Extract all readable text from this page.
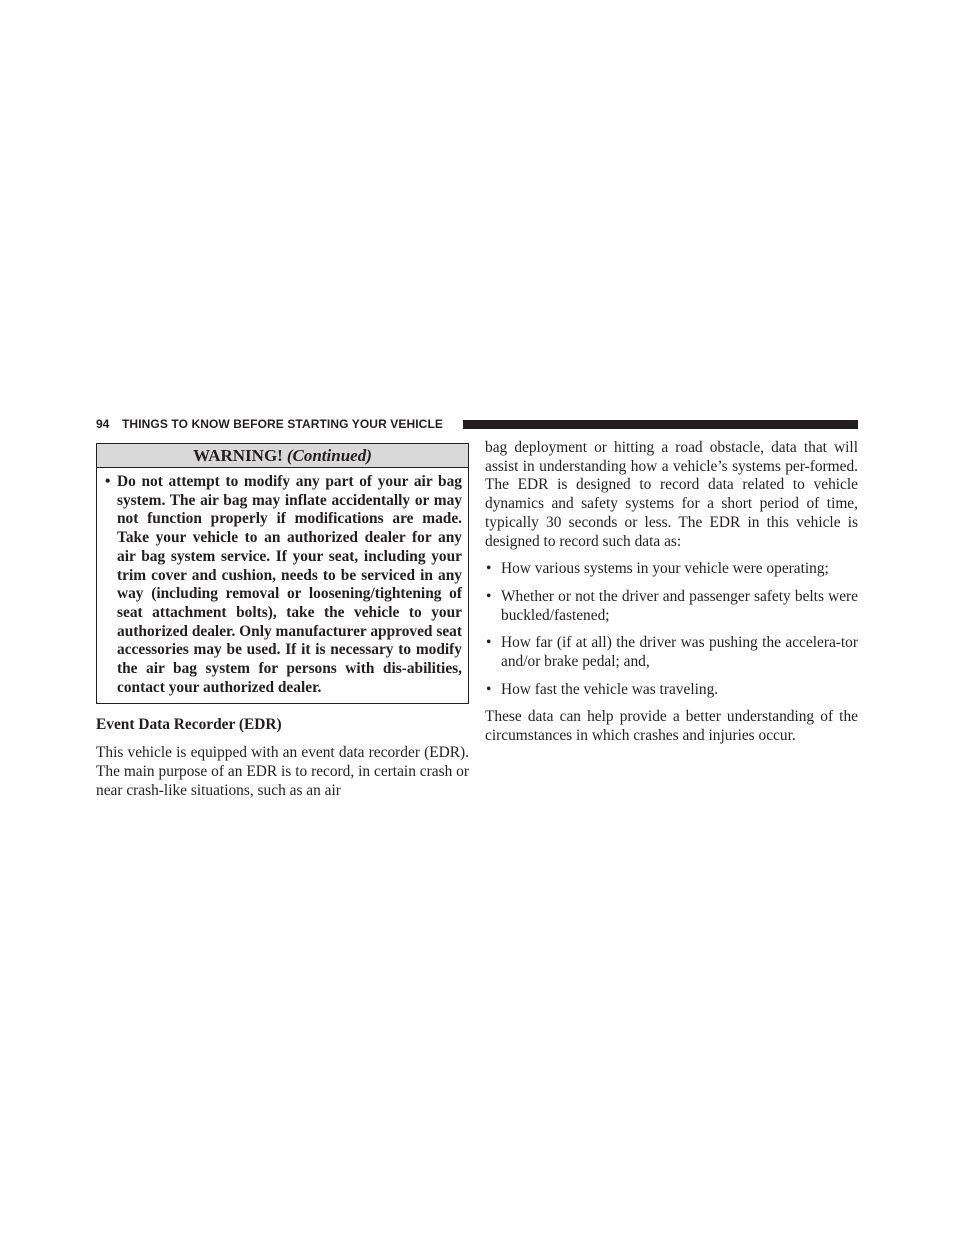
94 THINGS TO KNOW BEFORE STARTING YOUR VEHICLE
WARNING! (Continued)
• Do not attempt to modify any part of your air bag system. The air bag may inflate accidentally or may not function properly if modifications are made. Take your vehicle to an authorized dealer for any air bag system service. If your seat, including your trim cover and cushion, needs to be serviced in any way (including removal or loosening/tightening of seat attachment bolts), take the vehicle to your authorized dealer. Only manufacturer approved seat accessories may be used. If it is necessary to modify the air bag system for persons with dis-abilities, contact your authorized dealer.
Event Data Recorder (EDR)

This vehicle is equipped with an event data recorder (EDR). The main purpose of an EDR is to record, in certain crash or near crash-like situations, such as an air

bag deployment or hitting a road obstacle, data that will assist in understanding how a vehicle’s systems per-formed. The EDR is designed to record data related to vehicle dynamics and safety systems for a short period of time, typically 30 seconds or less. The EDR in this vehicle is designed to record such data as:

• How various systems in your vehicle were operating;
• Whether or not the driver and passenger safety belts were buckled/fastened;
• How far (if at all) the driver was pushing the accelera-tor and/or brake pedal; and,
• How fast the vehicle was traveling.

These data can help provide a better understanding of the circumstances in which crashes and injuries occur.
